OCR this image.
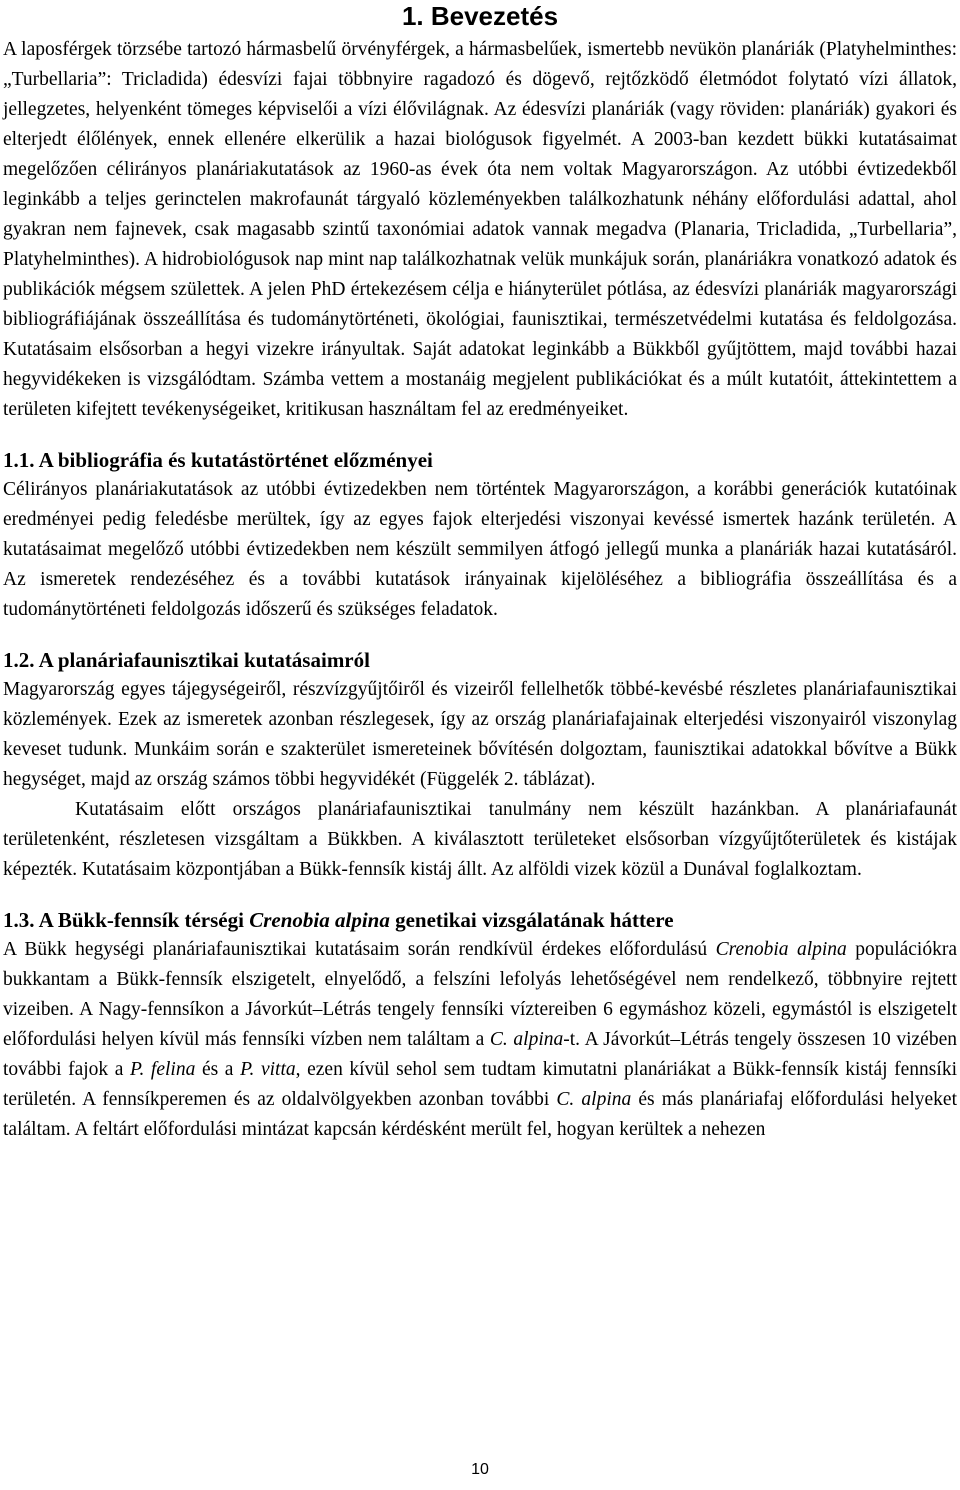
1. Bevezetés

A laposférgek törzsébe tartozó hármasbelű örvényférgek, a hármasbelűek, ismertebb nevükön planáriák (Platyhelminthes: „Turbellaria”: Tricladida) édesvízi fajai többnyire ragadozó és dögevő, rejtőzködő életmódot folytató vízi állatok, jellegzetes, helyenként tömeges képviselői a vízi élővilágnak. Az édesvízi planáriák (vagy röviden: planáriák) gyakori és elterjedt élőlények, ennek ellenére elkerülik a hazai biológusok figyelmét. A 2003-ban kezdett bükki kutatásaimat megelőzően célirányos planáriakutatások az 1960-as évek óta nem voltak Magyarországon. Az utóbbi évtizedekből leginkább a teljes gerinctelen makrofaunát tárgyaló közleményekben találkozhatunk néhány előfordulási adattal, ahol gyakran nem fajnevek, csak magasabb szintű taxonómiai adatok vannak megadva (Planaria, Tricladida, „Turbellaria”, Platyhelminthes). A hidrobiológusok nap mint nap találkozhatnak velük munkájuk során, planáriákra vonatkozó adatok és publikációk mégsem születtek. A jelen PhD értekezésem célja e hiányterület pótlása, az édesvízi planáriák magyarországi bibliográfiájának összeállítása és tudománytörténeti, ökológiai, faunisztikai, természetvédelmi kutatása és feldolgozása. Kutatásaim elsősorban a hegyi vizekre irányultak. Saját adatokat leginkább a Bükkből gyűjtöttem, majd további hazai hegyvidékeken is vizsgálódtam. Számba vettem a mostanáig megjelent publikációkat és a múlt kutatóit, áttekintettem a területen kifejtett tevékenységeiket, kritikusan használtam fel az eredményeiket.

1.1. A bibliográfia és kutatástörténet előzményei

Célirányos planáriakutatások az utóbbi évtizedekben nem történtek Magyarországon, a korábbi generációk kutatóinak eredményei pedig feledésbe merültek, így az egyes fajok elterjedési viszonyai kevéssé ismertek hazánk területén. A kutatásaimat megelőző utóbbi évtizedekben nem készült semmilyen átfogó jellegű munka a planáriák hazai kutatásáról. Az ismeretek rendezéséhez és a további kutatások irányainak kijelöléséhez a bibliográfia összeállítása és a tudománytörténeti feldolgozás időszerű és szükséges feladatok.

1.2. A planáriafaunisztikai kutatásaimról

Magyarország egyes tájegységeiről, részvízgyűjtőiről és vizeiről fellelhetők többé-kevésbé részletes planáriafaunisztikai közlemények. Ezek az ismeretek azonban részlegesek, így az ország planáriafajainak elterjedési viszonyairól viszonylag keveset tudunk. Munkáim során e szakterület ismereteinek bővítésén dolgoztam, faunisztikai adatokkal bővítve a Bükk hegységet, majd az ország számos többi hegyvidékét (Függelék 2. táblázat).

Kutatásaim előtt országos planáriafaunisztikai tanulmány nem készült hazánkban. A planáriafaunát területenként, részletesen vizsgáltam a Bükkben. A kiválasztott területeket elsősorban vízgyűjtőterületek és kistájak képezték. Kutatásaim központjában a Bükk-fennsík kistáj állt. Az alföldi vizek közül a Dunával foglalkoztam.

1.3. A Bükk-fennsík térségi Crenobia alpina genetikai vizsgálatának háttere

A Bükk hegységi planáriafaunisztikai kutatásaim során rendkívül érdekes előfordulású Crenobia alpina populációkra bukkantam a Bükk-fennsík elszigetelt, elnyelődő, a felszíni lefolyás lehetőségével nem rendelkező, többnyire rejtett vizeiben. A Nagy-fennsíkon a Jávorkút–Létrás tengely fennsíki víztereiben 6 egymáshoz közeli, egymástól is elszigetelt előfordulási helyen kívül más fennsíki vízben nem találtam a C. alpina-t. A Jávorkút–Létrás tengely összesen 10 vizében további fajok a P. felina és a P. vitta, ezen kívül sehol sem tudtam kimutatni planáriákat a Bükk-fennsík kistáj fennsíki területén. A fennsíkperemen és az oldalvölgyekben azonban további C. alpina és más planáriafaj előfordulási helyeket találtam. A feltárt előfordulási mintázat kapcsán kérdésként merült fel, hogyan kerültek a nehezen

10
